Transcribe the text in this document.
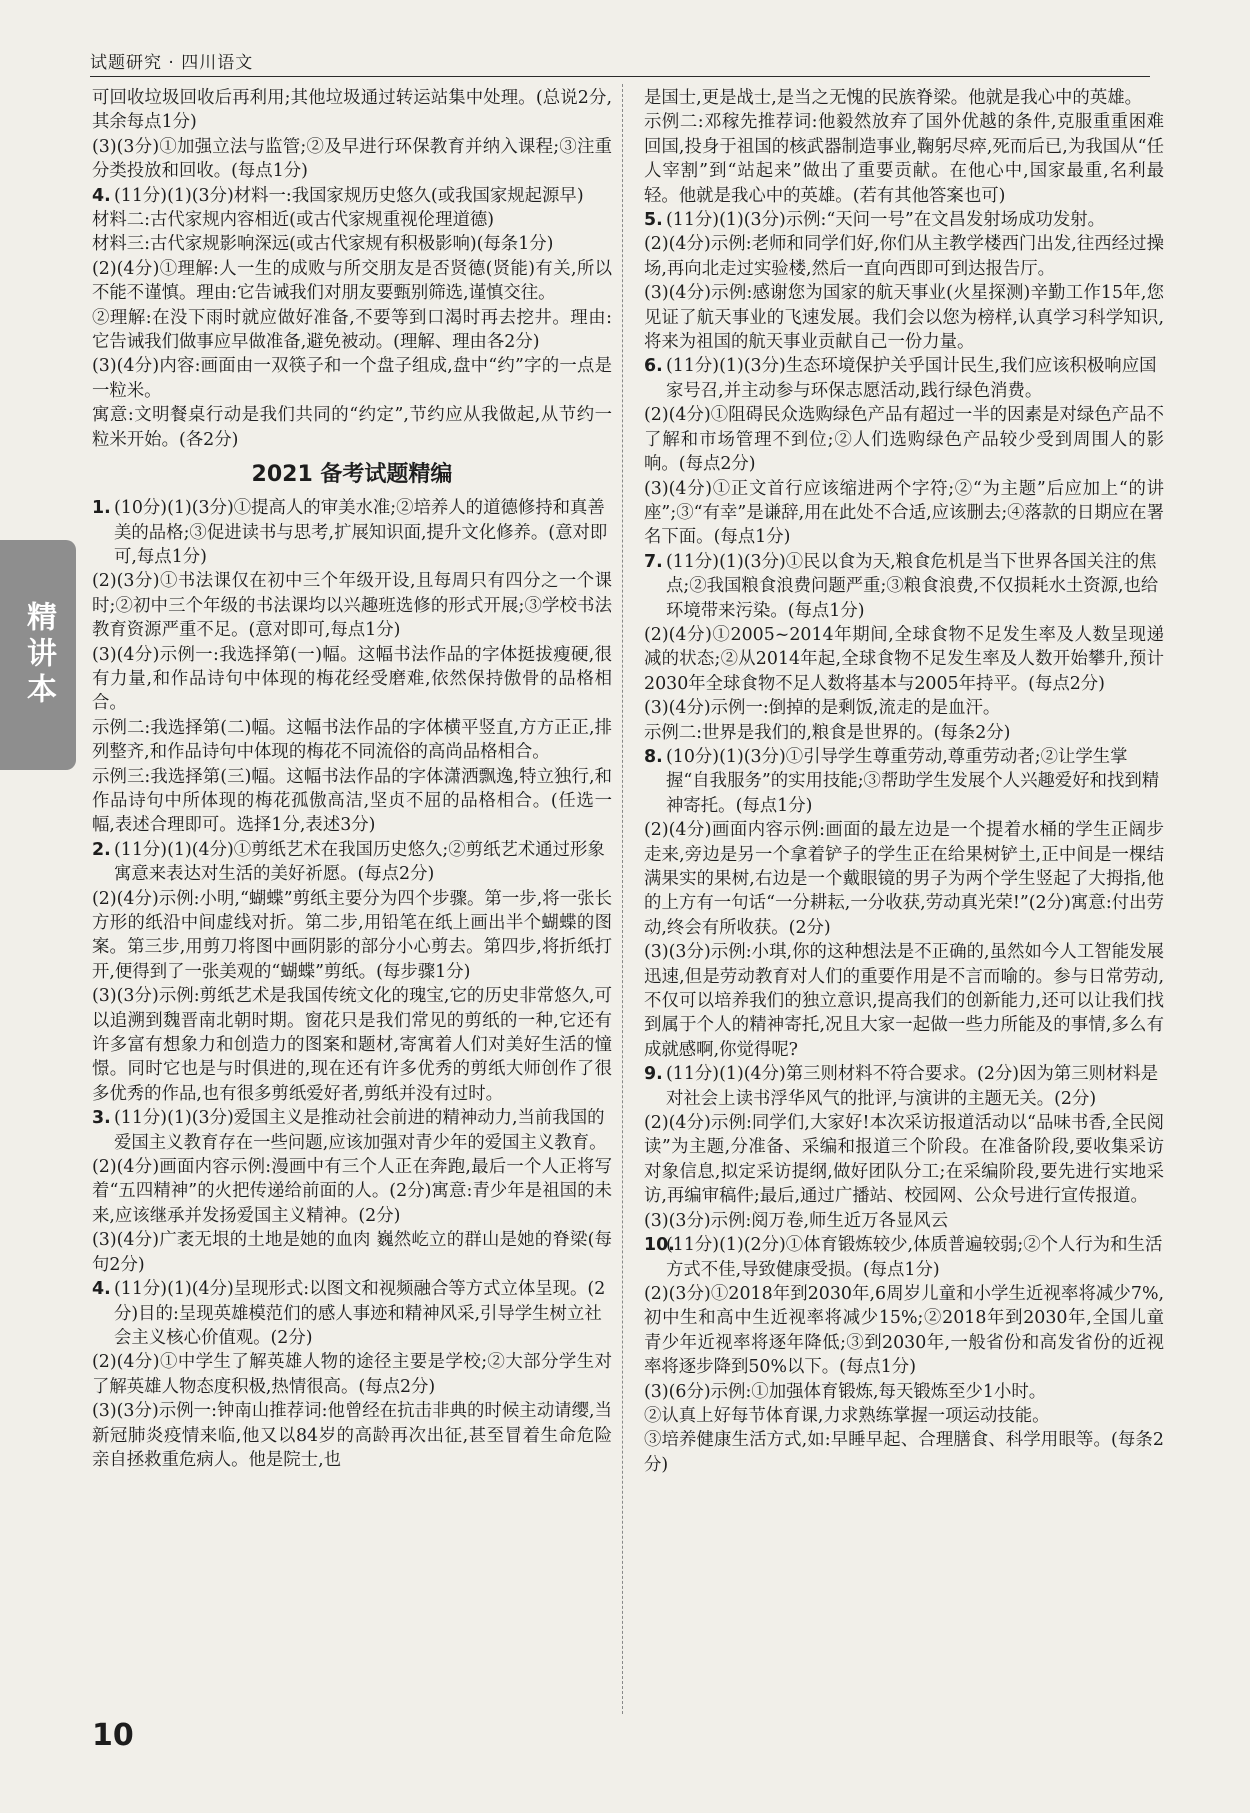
试题研究 · 四川语文
精讲本

可回收垃圾回收后再利用;其他垃圾通过转运站集中处理。(总说2分,其余每点1分)

(3)(3分)①加强立法与监管;②及早进行环保教育并纳入课程;③注重分类投放和回收。(每点1分)

4. (11分)(1)(3分)材料一:我国家规历史悠久(或我国家规起源早)

材料二:古代家规内容相近(或古代家规重视伦理道德)

材料三:古代家规影响深远(或古代家规有积极影响)(每条1分)

(2)(4分)①理解:人一生的成败与所交朋友是否贤德(贤能)有关,所以不能不谨慎。理由:它告诫我们对朋友要甄别筛选,谨慎交往。

②理解:在没下雨时就应做好准备,不要等到口渴时再去挖井。理由:它告诫我们做事应早做准备,避免被动。(理解、理由各2分)

(3)(4分)内容:画面由一双筷子和一个盘子组成,盘中“约”字的一点是一粒米。

寓意:文明餐桌行动是我们共同的“约定”,节约应从我做起,从节约一粒米开始。(各2分)

2021 备考试题精编

1. (10分)(1)(3分)①提高人的审美水准;②培养人的道德修持和真善美的品格;③促进读书与思考,扩展知识面,提升文化修养。(意对即可,每点1分)

(2)(3分)①书法课仅在初中三个年级开设,且每周只有四分之一个课时;②初中三个年级的书法课均以兴趣班选修的形式开展;③学校书法教育资源严重不足。(意对即可,每点1分)

(3)(4分)示例一:我选择第(一)幅。这幅书法作品的字体挺拔瘦硬,很有力量,和作品诗句中体现的梅花经受磨难,依然保持傲骨的品格相合。

示例二:我选择第(二)幅。这幅书法作品的字体横平竖直,方方正正,排列整齐,和作品诗句中体现的梅花不同流俗的高尚品格相合。

示例三:我选择第(三)幅。这幅书法作品的字体潇洒飘逸,特立独行,和作品诗句中所体现的梅花孤傲高洁,坚贞不屈的品格相合。(任选一幅,表述合理即可。选择1分,表述3分)

2. (11分)(1)(4分)①剪纸艺术在我国历史悠久;②剪纸艺术通过形象寓意来表达对生活的美好祈愿。(每点2分)

(2)(4分)示例:小明,“蝴蝶”剪纸主要分为四个步骤。第一步,将一张长方形的纸沿中间虚线对折。第二步,用铅笔在纸上画出半个蝴蝶的图案。第三步,用剪刀将图中画阴影的部分小心剪去。第四步,将折纸打开,便得到了一张美观的“蝴蝶”剪纸。(每步骤1分)

(3)(3分)示例:剪纸艺术是我国传统文化的瑰宝,它的历史非常悠久,可以追溯到魏晋南北朝时期。窗花只是我们常见的剪纸的一种,它还有许多富有想象力和创造力的图案和题材,寄寓着人们对美好生活的憧憬。同时它也是与时俱进的,现在还有许多优秀的剪纸大师创作了很多优秀的作品,也有很多剪纸爱好者,剪纸并没有过时。

3. (11分)(1)(3分)爱国主义是推动社会前进的精神动力,当前我国的爱国主义教育存在一些问题,应该加强对青少年的爱国主义教育。

(2)(4分)画面内容示例:漫画中有三个人正在奔跑,最后一个人正将写着“五四精神”的火把传递给前面的人。(2分)寓意:青少年是祖国的未来,应该继承并发扬爱国主义精神。(2分)

(3)(4分)广袤无垠的土地是她的血肉 巍然屹立的群山是她的脊梁(每句2分)

4. (11分)(1)(4分)呈现形式:以图文和视频融合等方式立体呈现。(2分)目的:呈现英雄模范们的感人事迹和精神风采,引导学生树立社会主义核心价值观。(2分)

(2)(4分)①中学生了解英雄人物的途径主要是学校;②大部分学生对了解英雄人物态度积极,热情很高。(每点2分)

(3)(3分)示例一:钟南山推荐词:他曾经在抗击非典的时候主动请缨,当新冠肺炎疫情来临,他又以84岁的高龄再次出征,甚至冒着生命危险亲自拯救重危病人。他是院士,也

是国士,更是战士,是当之无愧的民族脊梁。他就是我心中的英雄。

示例二:邓稼先推荐词:他毅然放弃了国外优越的条件,克服重重困难回国,投身于祖国的核武器制造事业,鞠躬尽瘁,死而后已,为我国从“任人宰割”到“站起来”做出了重要贡献。在他心中,国家最重,名利最轻。他就是我心中的英雄。(若有其他答案也可)

5. (11分)(1)(3分)示例:“天问一号”在文昌发射场成功发射。

(2)(4分)示例:老师和同学们好,你们从主教学楼西门出发,往西经过操场,再向北走过实验楼,然后一直向西即可到达报告厅。

(3)(4分)示例:感谢您为国家的航天事业(火星探测)辛勤工作15年,您见证了航天事业的飞速发展。我们会以您为榜样,认真学习科学知识,将来为祖国的航天事业贡献自己一份力量。

6. (11分)(1)(3分)生态环境保护关乎国计民生,我们应该积极响应国家号召,并主动参与环保志愿活动,践行绿色消费。

(2)(4分)①阻碍民众选购绿色产品有超过一半的因素是对绿色产品不了解和市场管理不到位;②人们选购绿色产品较少受到周围人的影响。(每点2分)

(3)(4分)①正文首行应该缩进两个字符;②“为主题”后应加上“的讲座”;③“有幸”是谦辞,用在此处不合适,应该删去;④落款的日期应在署名下面。(每点1分)

7. (11分)(1)(3分)①民以食为天,粮食危机是当下世界各国关注的焦点;②我国粮食浪费问题严重;③粮食浪费,不仅损耗水土资源,也给环境带来污染。(每点1分)

(2)(4分)①2005~2014年期间,全球食物不足发生率及人数呈现递减的状态;②从2014年起,全球食物不足发生率及人数开始攀升,预计2030年全球食物不足人数将基本与2005年持平。(每点2分)

(3)(4分)示例一:倒掉的是剩饭,流走的是血汗。

示例二:世界是我们的,粮食是世界的。(每条2分)

8. (10分)(1)(3分)①引导学生尊重劳动,尊重劳动者;②让学生掌握“自我服务”的实用技能;③帮助学生发展个人兴趣爱好和找到精神寄托。(每点1分)

(2)(4分)画面内容示例:画面的最左边是一个提着水桶的学生正阔步走来,旁边是另一个拿着铲子的学生正在给果树铲土,正中间是一棵结满果实的果树,右边是一个戴眼镜的男子为两个学生竖起了大拇指,他的上方有一句话“一分耕耘,一分收获,劳动真光荣!”(2分)寓意:付出劳动,终会有所收获。(2分)

(3)(3分)示例:小琪,你的这种想法是不正确的,虽然如今人工智能发展迅速,但是劳动教育对人们的重要作用是不言而喻的。参与日常劳动,不仅可以培养我们的独立意识,提高我们的创新能力,还可以让我们找到属于个人的精神寄托,况且大家一起做一些力所能及的事情,多么有成就感啊,你觉得呢?

9. (11分)(1)(4分)第三则材料不符合要求。(2分)因为第三则材料是对社会上读书浮华风气的批评,与演讲的主题无关。(2分)

(2)(4分)示例:同学们,大家好!本次采访报道活动以“品味书香,全民阅读”为主题,分准备、采编和报道三个阶段。在准备阶段,要收集采访对象信息,拟定采访提纲,做好团队分工;在采编阶段,要先进行实地采访,再编审稿件;最后,通过广播站、校园网、公众号进行宣传报道。

(3)(3分)示例:阅万卷,师生近万各显风云

10.(11分)(1)(2分)①体育锻炼较少,体质普遍较弱;②个人行为和生活方式不佳,导致健康受损。(每点1分)

(2)(3分)①2018年到2030年,6周岁儿童和小学生近视率将减少7%,初中生和高中生近视率将减少15%;②2018年到2030年,全国儿童青少年近视率将逐年降低;③到2030年,一般省份和高发省份的近视率将逐步降到50%以下。(每点1分)

(3)(6分)示例:①加强体育锻炼,每天锻炼至少1小时。

②认真上好每节体育课,力求熟练掌握一项运动技能。

③培养健康生活方式,如:早睡早起、合理膳食、科学用眼等。(每条2分)

10
